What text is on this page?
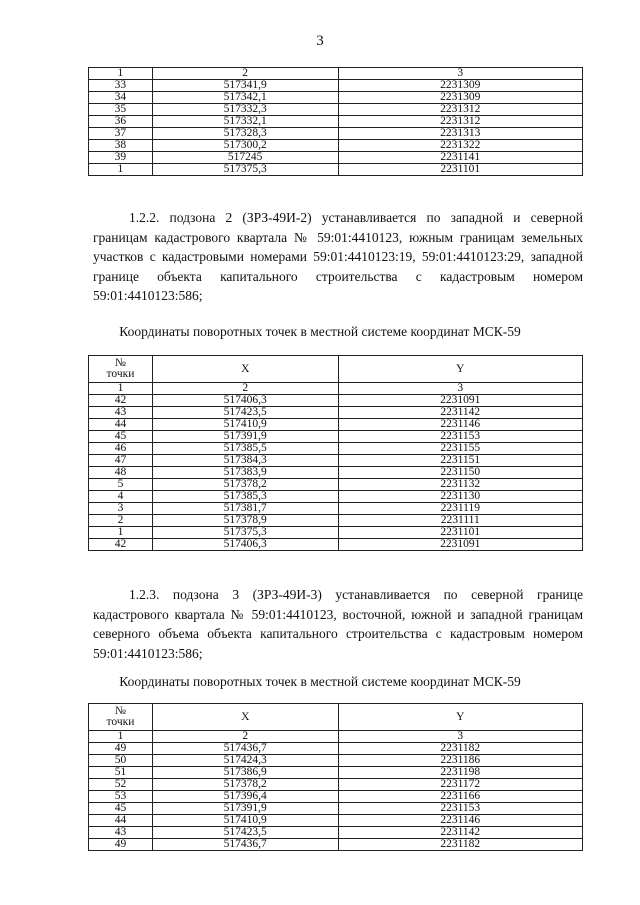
3
1	2	3
33	517341,9	2231309
34	517342,1	2231309
35	517332,3	2231312
36	517332,1	2231312
37	517328,3	2231313
38	517300,2	2231322
39	517245	2231141
1	517375,3	2231101

1.2.2. подзона 2 (ЗРЗ-49И-2) устанавливается по западной и северной границам кадастрового квартала № 59:01:4410123, южным границам земельных участков с кадастровыми номерами 59:01:4410123:19, 59:01:4410123:29, западной границе объекта капитального строительства с кадастровым номером 59:01:4410123:586;

Координаты поворотных точек в местной системе координат МСК-59
№
точки	X	Y
1	2	3
42	517406,3	2231091
43	517423,5	2231142
44	517410,9	2231146
45	517391,9	2231153
46	517385,5	2231155
47	517384,3	2231151
48	517383,9	2231150
5	517378,2	2231132
4	517385,3	2231130
3	517381,7	2231119
2	517378,9	2231111
1	517375,3	2231101
42	517406,3	2231091

1.2.3. подзона 3 (ЗРЗ-49И-3) устанавливается по северной границе кадастрового квартала № 59:01:4410123, восточной, южной и западной границам северного объема объекта капитального строительства с кадастровым номером 59:01:4410123:586;

Координаты поворотных точек в местной системе координат МСК-59
№
точки	X	Y
1	2	3
49	517436,7	2231182
50	517424,3	2231186
51	517386,9	2231198
52	517378,2	2231172
53	517396,4	2231166
45	517391,9	2231153
44	517410,9	2231146
43	517423,5	2231142
49	517436,7	2231182
